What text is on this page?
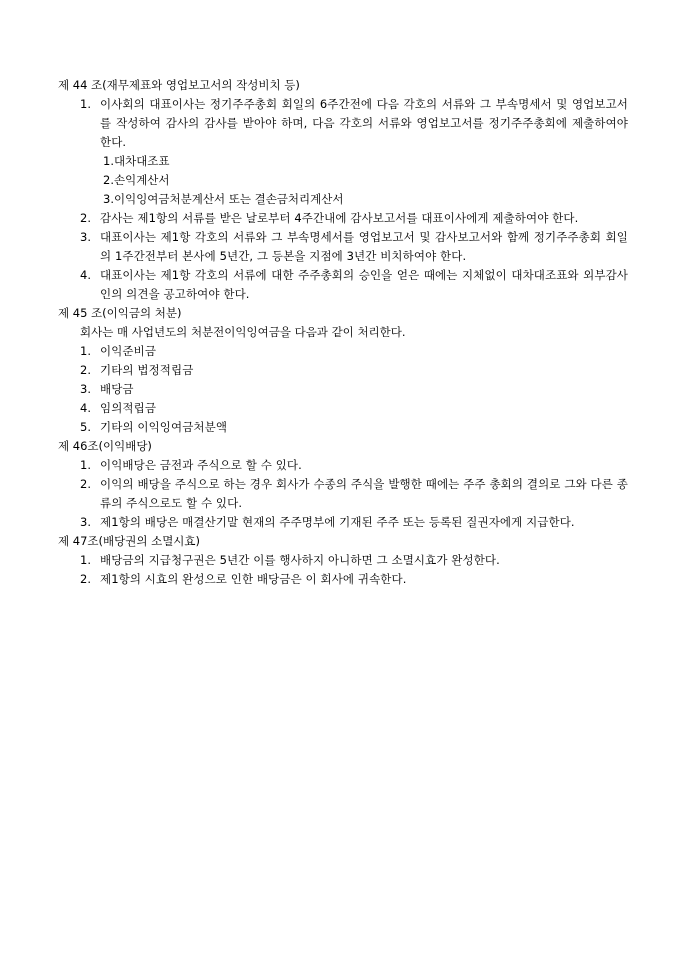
제 44 조(재무제표와 영업보고서의 작성비치 등)

1. 이사회의 대표이사는 정기주주총회 회일의 6주간전에 다음 각호의 서류와 그 부속명세서 및 영업보고서를 작성하여 감사의 감사를 받아야 하며, 다음 각호의 서류와 영업보고서를 정기주주총회에 제출하여야 한다.

1.대차대조표

2.손익계산서

3.이익잉여금처분계산서 또는 결손금처리계산서

2. 감사는 제1항의 서류를 받은 날로부터 4주간내에 감사보고서를 대표이사에게 제출하여야 한다.
3. 대표이사는 제1항 각호의 서류와 그 부속명세서를 영업보고서 및 감사보고서와 함께 정기주주총회 회일의 1주간전부터 본사에 5년간, 그 등본을 지점에 3년간 비치하여야 한다.
4. 대표이사는 제1항 각호의 서류에 대한 주주총회의 승인을 얻은 때에는 지체없이 대차대조표와 외부감사인의 의견을 공고하여야 한다.

제 45 조(이익금의 처분)

회사는 매 사업년도의 처분전이익잉여금을 다음과 같이 처리한다.

1. 이익준비금
2. 기타의 법정적립금
3. 배당금
4. 임의적립금
5. 기타의 이익잉여금처분액

제 46조(이익배당)

1. 이익배당은 금전과 주식으로 할 수 있다.
2. 이익의 배당을 주식으로 하는 경우 회사가 수종의 주식을 발행한 때에는 주주 총회의 결의로 그와 다른 종류의 주식으로도 할 수 있다.
3. 제1항의 배당은 매결산기말 현재의 주주명부에 기재된 주주 또는 등록된 질권자에게 지급한다.

제 47조(배당권의 소멸시효)

1. 배당금의 지급청구권은 5년간 이를 행사하지 아니하면 그 소멸시효가 완성한다.
2. 제1항의 시효의 완성으로 인한 배당금은 이 회사에 귀속한다.
